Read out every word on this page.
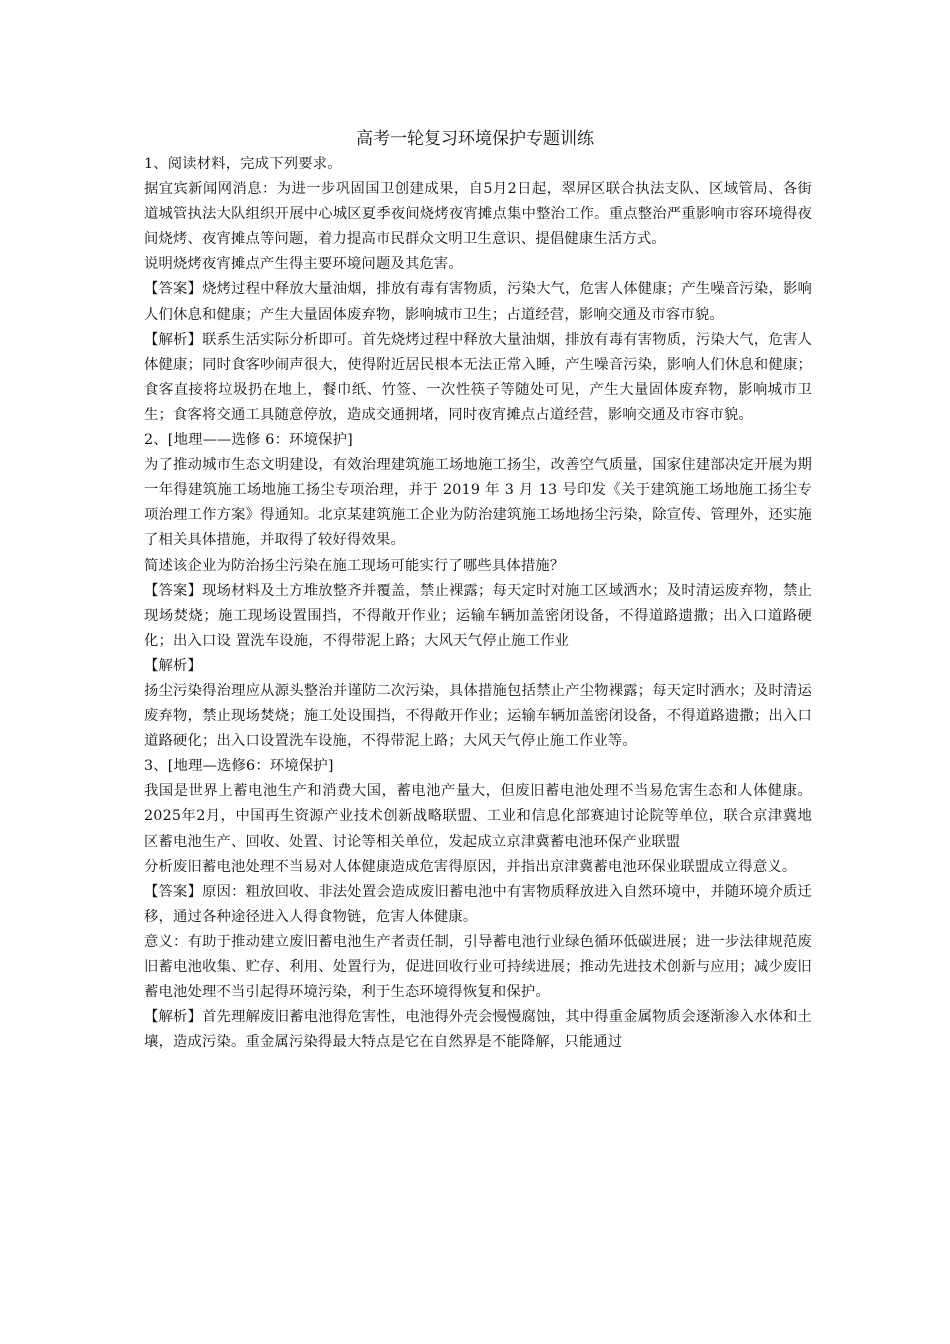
高考一轮复习环境保护专题训练

1、阅读材料，完成下列要求。

据宜宾新闻网消息：为进一步巩固国卫创建成果，自5月2日起，翠屏区联合执法支队、区域管局、各街道城管执法大队组织开展中心城区夏季夜间烧烤夜宵摊点集中整治工作。重点整治严重影响市容环境得夜间烧烤、夜宵摊点等问题，着力提高市民群众文明卫生意识、提倡健康生活方式。

说明烧烤夜宵摊点产生得主要环境问题及其危害。

【答案】烧烤过程中释放大量油烟，排放有毒有害物质，污染大气，危害人体健康；产生噪音污染，影响人们休息和健康；产生大量固体废弃物，影响城市卫生；占道经营，影响交通及市容市貌。

【解析】联系生活实际分析即可。首先烧烤过程中释放大量油烟，排放有毒有害物质，污染大气，危害人体健康；同时食客吵闹声很大，使得附近居民根本无法正常入睡，产生噪音污染，影响人们休息和健康；食客直接将垃圾扔在地上，餐巾纸、竹签、一次性筷子等随处可见，产生大量固体废弃物，影响城市卫生；食客将交通工具随意停放，造成交通拥堵，同时夜宵摊点占道经营，影响交通及市容市貌。

2、[地理——选修 6：环境保护]

为了推动城市生态文明建设，有效治理建筑施工场地施工扬尘，改善空气质量，国家住建部决定开展为期一年得建筑施工场地施工扬尘专项治理，并于 2019 年 3 月 13 号印发《关于建筑施工场地施工扬尘专项治理工作方案》得通知。北京某建筑施工企业为防治建筑施工场地扬尘污染，除宣传、管理外，还实施了相关具体措施，并取得了较好得效果。

简述该企业为防治扬尘污染在施工现场可能实行了哪些具体措施？

【答案】现场材料及土方堆放整齐并覆盖，禁止裸露；每天定时对施工区域洒水；及时清运废弃物，禁止现场焚烧；施工现场设置围挡，不得敞开作业；运输车辆加盖密闭设备，不得道路遗撒；出入口道路硬化；出入口设 置洗车设施，不得带泥上路；大风天气停止施工作业

【解析】

扬尘污染得治理应从源头整治并谨防二次污染，具体措施包括禁止产尘物裸露；每天定时洒水；及时清运废弃物，禁止现场焚烧；施工处设围挡，不得敞开作业；运输车辆加盖密闭设备，不得道路遗撒；出入口道路硬化；出入口设置洗车设施，不得带泥上路；大风天气停止施工作业等。

3、[地理—选修6：环境保护]

我国是世界上蓄电池生产和消费大国，蓄电池产量大，但废旧蓄电池处理不当易危害生态和人体健康。2025年2月，中国再生资源产业技术创新战略联盟、工业和信息化部赛迪讨论院等单位，联合京津冀地区蓄电池生产、回收、处置、讨论等相关单位，发起成立京津冀蓄电池环保产业联盟

分析废旧蓄电池处理不当易对人体健康造成危害得原因，并指出京津冀蓄电池环保业联盟成立得意义。

【答案】原因：粗放回收、非法处置会造成废旧蓄电池中有害物质释放进入自然环境中，并随环境介质迁移，通过各种途径进入人得食物链，危害人体健康。

意义：有助于推动建立废旧蓄电池生产者责任制，引导蓄电池行业绿色循环低碳进展；进一步法律规范废旧蓄电池收集、贮存、利用、处置行为，促进回收行业可持续进展；推动先进技术创新与应用；减少废旧蓄电池处理不当引起得环境污染，利于生态环境得恢复和保护。

【解析】首先理解废旧蓄电池得危害性，电池得外壳会慢慢腐蚀，其中得重金属物质会逐渐渗入水体和土壤，造成污染。重金属污染得最大特点是它在自然界是不能降解，只能通过
